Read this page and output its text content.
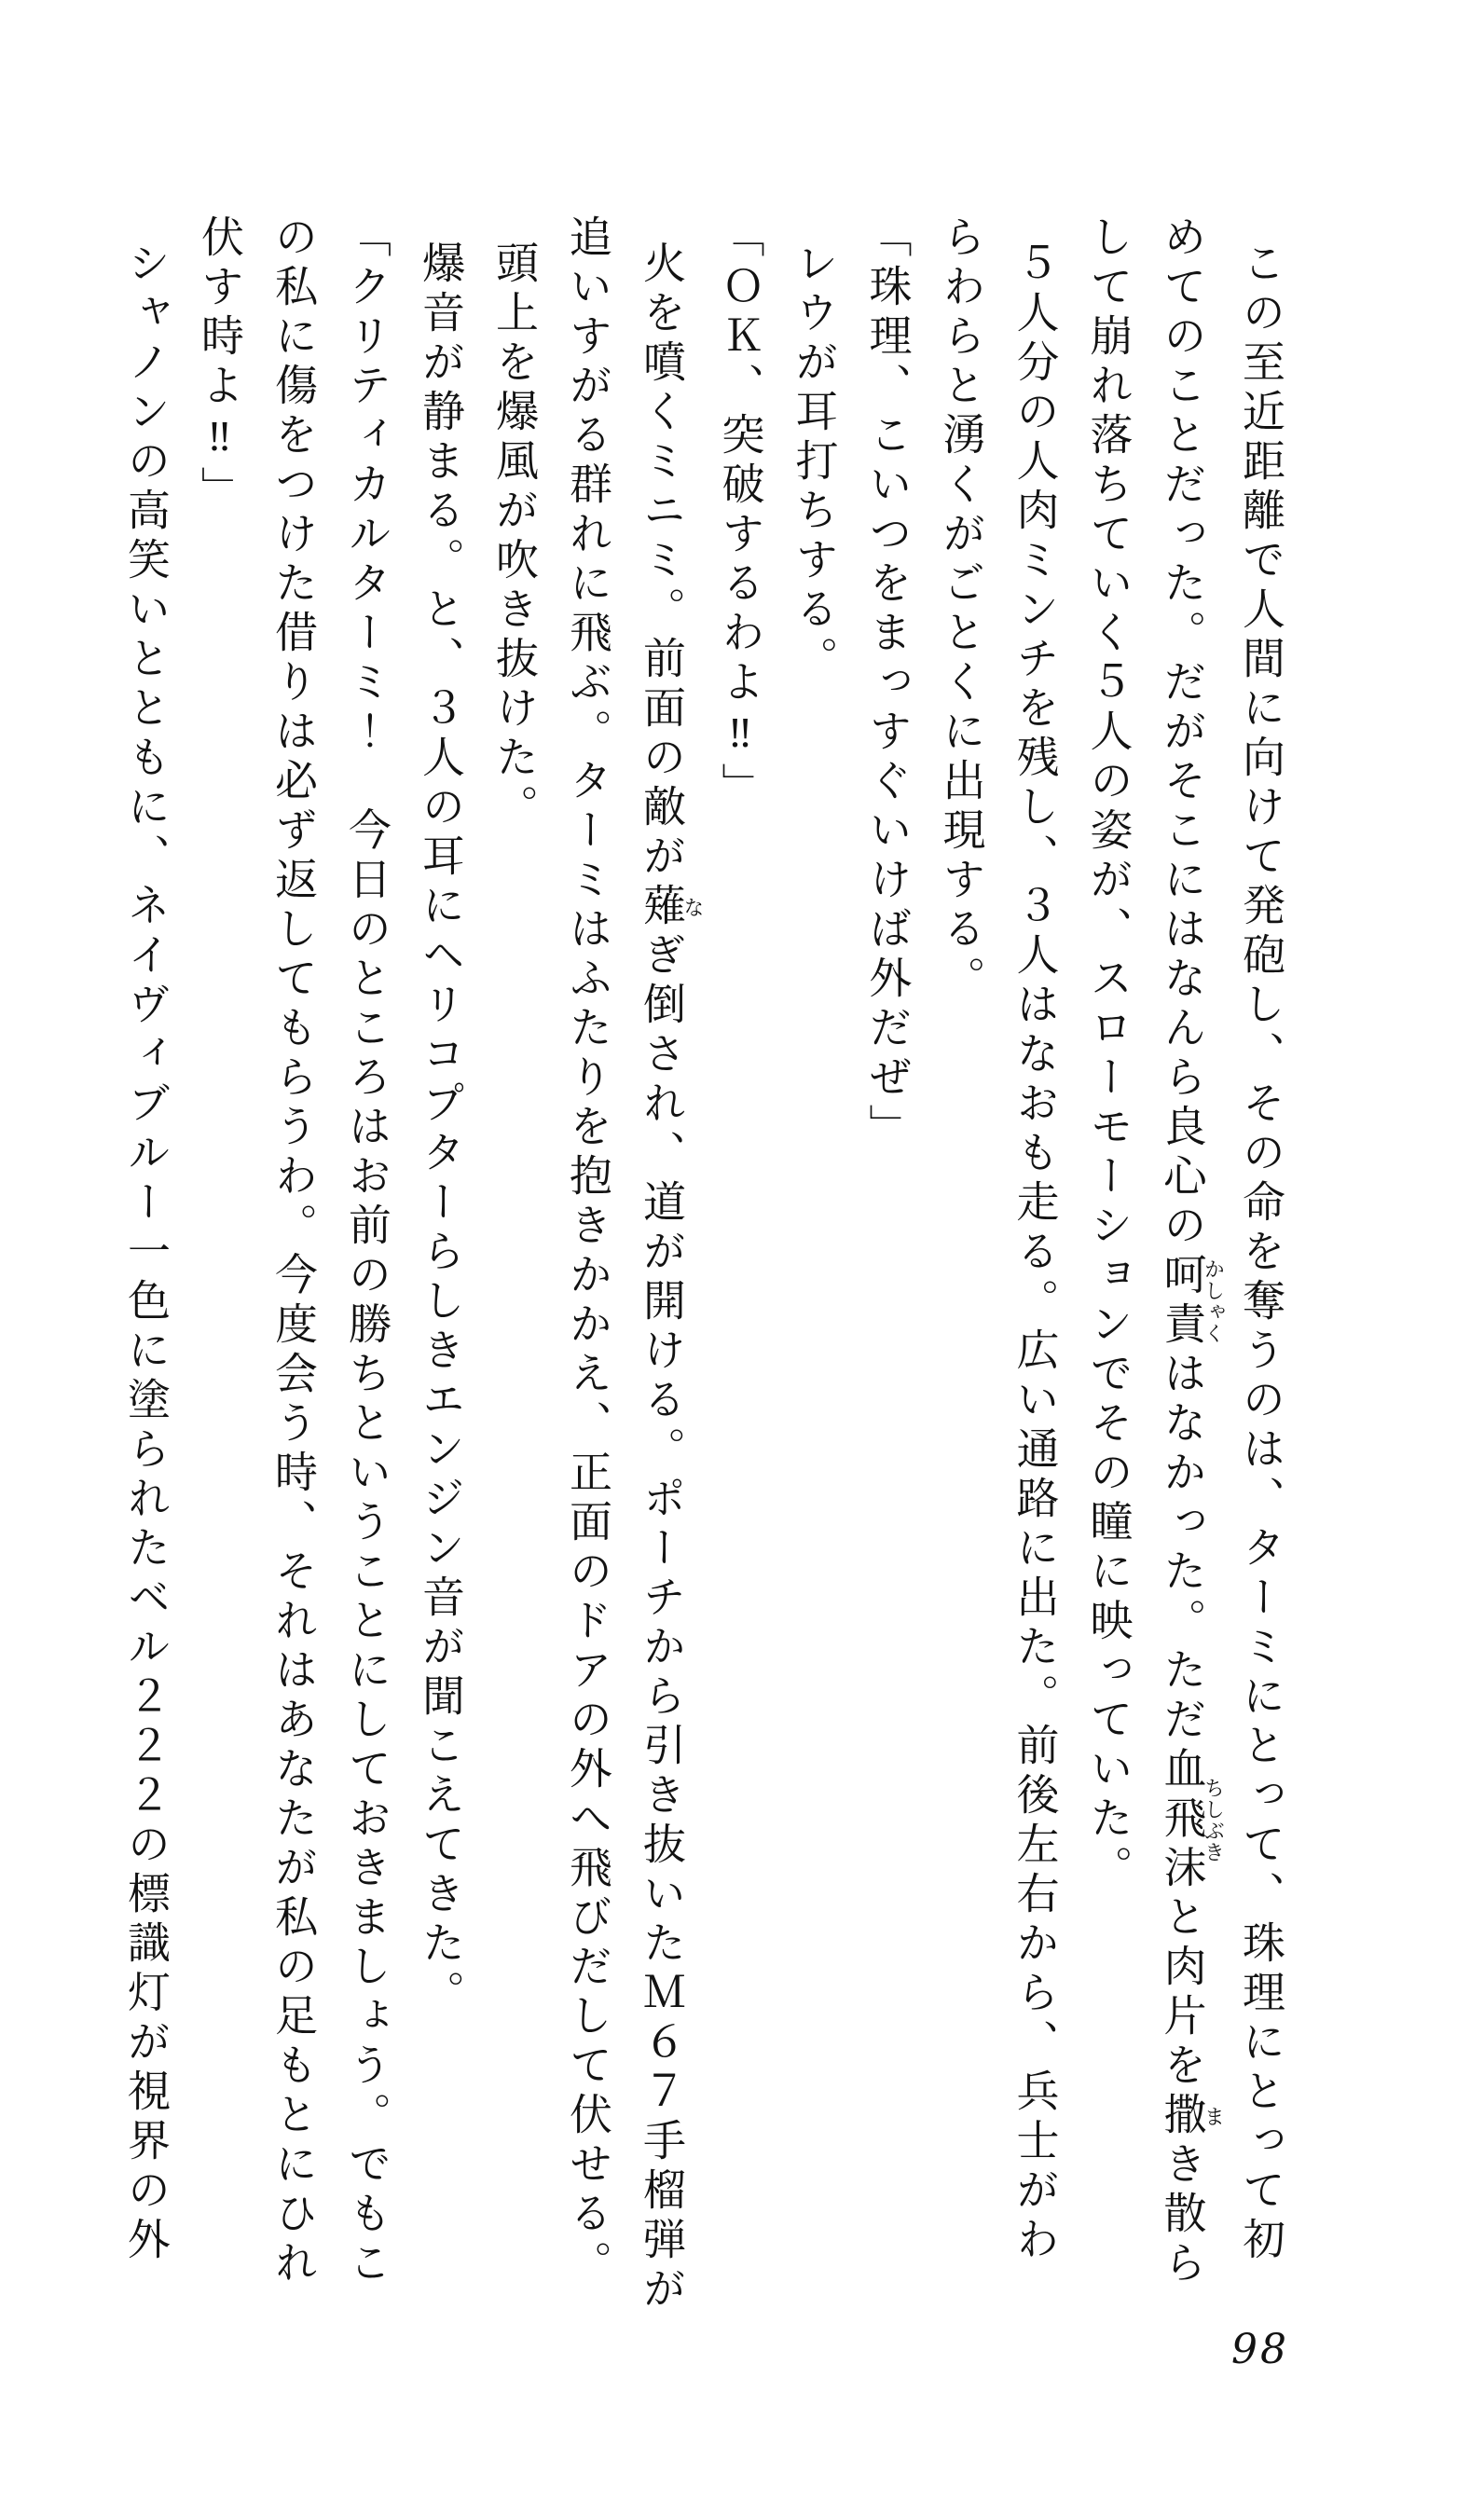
この至近距離で人間に向けて発砲し、その命を奪うのは、ターミにとって、珠理にとって初

めてのことだった。だがそこにはなんら良心の呵責かしゃくはなかった。ただ血飛沫ちしぶきと肉片を撒まき散ら

して崩れ落ちていく５人の姿が、スローモーションでその瞳に映っていた。

５人分の人肉ミンチを残し、３人はなおも走る。広い通路に出た。前後左右から、兵士がわ

らわらと湧くがごとくに出現する。

「珠理、こいつをまっすぐいけば外だぜ」

レウが耳打ちする。

「ＯＫ、突破するわよ‼」

火を噴くミニミ。前面の敵が薙なぎ倒され、道が開ける。ポーチから引き抜いたＭ６７手榴弾が

追いすがる群れに飛ぶ。ターミはふたりを抱きかかえ、正面のドアの外へ飛びだして伏せる。

頭上を爆風が吹き抜けた。

爆音が静まる。と、３人の耳にヘリコプターらしきエンジン音が聞こえてきた。

「クリティカルターミ！　今日のところはお前の勝ちということにしておきましょう。でもこ

の私に傷をつけた借りは必ず返してもらうわ。今度会う時、それはあなたが私の足もとにひれ

伏す時よ‼」

シャノンの高笑いとともに、ネイヴィブルー一色に塗られたベル２２２の標識灯が視界の外

98
